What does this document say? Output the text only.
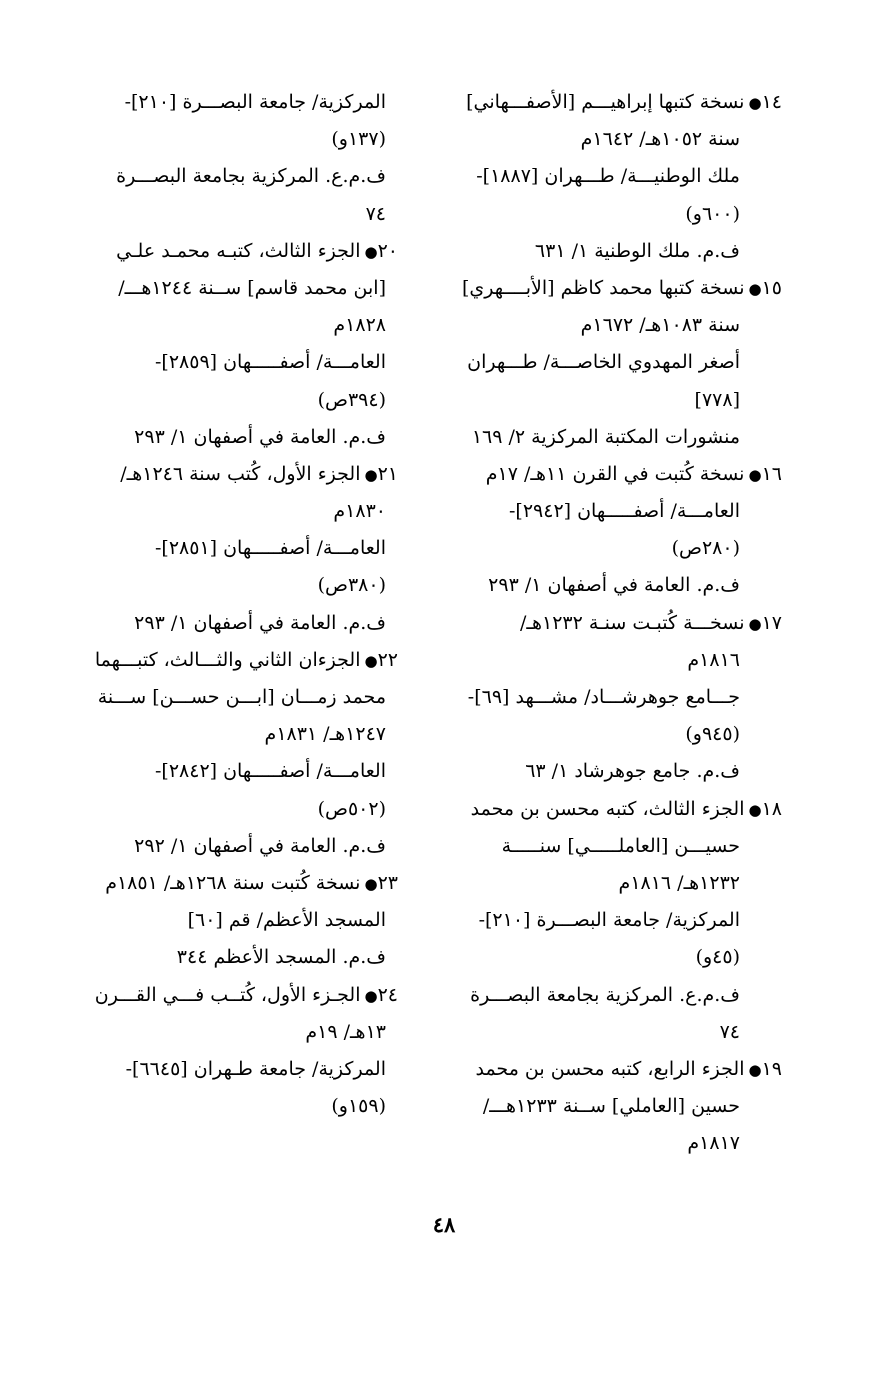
١٤●نسخة كتبها إبراهيـــم [الأصفـــهاني]
سنة ١٠٥٢هـ/ ١٦٤٢م
ملك الوطنيـــة/ طـــهران [١٨٨٧]-
(٦٠٠و)
ف.م. ملك الوطنية ١/ ٦٣١
١٥●نسخة كتبها محمد كاظم [الأبــــهري]
سنة ١٠٨٣هـ/ ١٦٧٢م
أصغر المهدوي الخاصـــة/ طـــهران
[٧٧٨]
منشورات المكتبة المركزية ٢/ ١٦٩
١٦●نسخة كُتبت في القرن ١١هـ/ ١٧م
العامـــة/ أصفـــــهان [٢٩٤٢]-
(٢٨٠ص)
ف.م. العامة في أصفهان ١/ ٢٩٣
١٧●نسخـــة كُتبـت سنـة ١٢٣٢هـ/
١٨١٦م
جـــامع جوهرشـــاد/ مشـــهد [٦٩]-
(٩٤٥و)
ف.م. جامع جوهرشاد ١/ ٦٣
١٨●الجزء الثالث، كتبه محسن بن محمد
حسيـــن [العاملـــــي] سنـــــة
١٢٣٢هـ/ ١٨١٦م
المركزية/ جامعة البصـــرة [٢١٠]-
(٤٥و)
ف.م.ع. المركزية بجامعة البصـــرة
٧٤
١٩●الجزء الرابع، كتبه محسن بن محمد
حسين [العاملي] ســنة ١٢٣٣هـــ/
١٨١٧م
المركزية/ جامعة البصـــرة [٢١٠]-
(١٣٧و)
ف.م.ع. المركزية بجامعة البصـــرة
٧٤
٢٠●الجزء الثالث، كتبـه محمـد علـي
[ابن محمد قاسم] ســنة ١٢٤٤هـــ/
١٨٢٨م
العامـــة/ أصفـــــهان [٢٨٥٩]-
(٣٩٤ص)
ف.م. العامة في أصفهان ١/ ٢٩٣
٢١●الجزء الأول، كُتب سنة ١٢٤٦هـ/
١٨٣٠م
العامـــة/ أصفـــــهان [٢٨٥١]-
(٣٨٠ص)
ف.م. العامة في أصفهان ١/ ٢٩٣
٢٢●الجزءان الثاني والثـــالث، كتبـــهما
محمد زمـــان [ابـــن حســـن] ســـنة
١٢٤٧هـ/ ١٨٣١م
العامـــة/ أصفـــــهان [٢٨٤٢]-
(٥٠٢ص)
ف.م. العامة في أصفهان ١/ ٢٩٢
٢٣●نسخة كُتبت سنة ١٢٦٨هـ/ ١٨٥١م
المسجد الأعظم/ قم [٦٠]
ف.م. المسجد الأعظم ٣٤٤
٢٤●الجـزء الأول، كُتــب فـــي القـــرن
١٣هـ/ ١٩م
المركزية/ جامعة طـهران [٦٦٤٥]-
(١٥٩و)
٤٨
